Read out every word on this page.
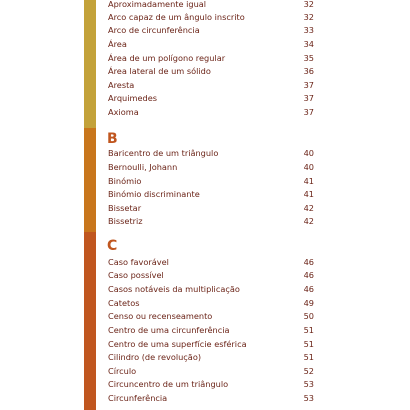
Aproximadamente igual	32
Arco capaz de um ângulo inscrito	32
Arco de circunferência	33
Área	34
Área de um polígono regular	35
Área lateral de um sólido	36
Aresta	37
Arquimedes	37
Axioma	37
B
Baricentro de um triângulo	40
Bernoulli, Johann	40
Binómio	41
Binómio discriminante	41
Bissetar	42
Bissetriz	42
C
Caso favorável	46
Caso possível	46
Casos notáveis da multiplicação	46
Catetos	49
Censo ou recenseamento	50
Centro de uma circunferência	51
Centro de uma superfície esférica	51
Cilindro (de revolução)	51
Círculo	52
Circuncentro de um triângulo	53
Circunferência	53
